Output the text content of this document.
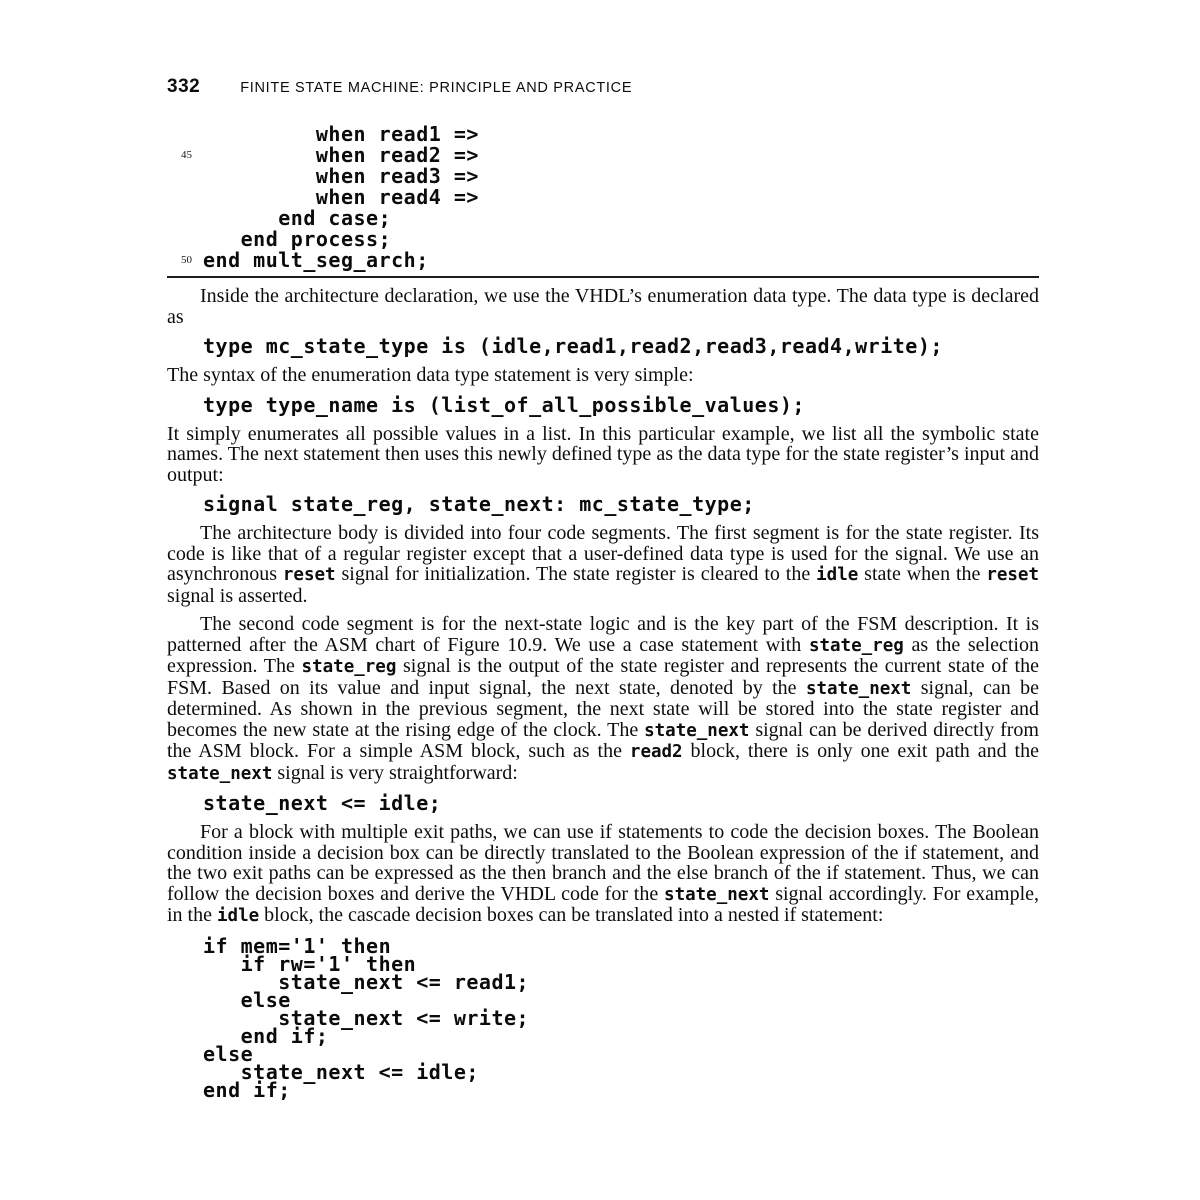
332	FINITE STATE MACHINE: PRINCIPLE AND PRACTICE
when read1 =>
45 when read2 =>
when read3 =>
when read4 =>
end case;
end process;
50 end mult_seg_arch;

Inside the architecture declaration, we use the VHDL’s enumeration data type. The data type is declared as

type mc_state_type is (idle,read1,read2,read3,read4,write);

The syntax of the enumeration data type statement is very simple:

type type_name is (list_of_all_possible_values);

It simply enumerates all possible values in a list. In this particular example, we list all the symbolic state names. The next statement then uses this newly defined type as the data type for the state register’s input and output:

signal state_reg, state_next: mc_state_type;

The architecture body is divided into four code segments. The first segment is for the state register. Its code is like that of a regular register except that a user-defined data type is used for the signal. We use an asynchronous reset signal for initialization. The state register is cleared to the idle state when the reset signal is asserted.

The second code segment is for the next-state logic and is the key part of the FSM description. It is patterned after the ASM chart of Figure 10.9. We use a case statement with state_reg as the selection expression. The state_reg signal is the output of the state register and represents the current state of the FSM. Based on its value and input signal, the next state, denoted by the state_next signal, can be determined. As shown in the previous segment, the next state will be stored into the state register and becomes the new state at the rising edge of the clock. The state_next signal can be derived directly from the ASM block. For a simple ASM block, such as the read2 block, there is only one exit path and the state_next signal is very straightforward:

state_next <= idle;

For a block with multiple exit paths, we can use if statements to code the decision boxes. The Boolean condition inside a decision box can be directly translated to the Boolean expression of the if statement, and the two exit paths can be expressed as the then branch and the else branch of the if statement. Thus, we can follow the decision boxes and derive the VHDL code for the state_next signal accordingly. For example, in the idle block, the cascade decision boxes can be translated into a nested if statement:

if mem='1' then
if rw='1' then
state_next <= read1;
else
state_next <= write;
end if;
else
state_next <= idle;
end if;
